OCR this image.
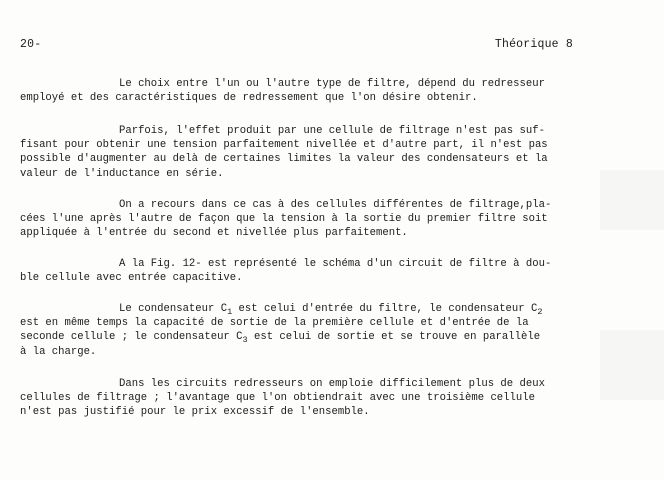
20-	Théorique 8
Le choix entre l'un ou l'autre type de filtre, dépend du redresseur
employé et des caractéristiques de redressement que l'on désire obtenir.
Parfois, l'effet produit par une cellule de filtrage n'est pas suf-
fisant pour obtenir une tension parfaitement nivellée et d'autre part, il n'est pas
possible d'augmenter au delà de certaines limites la valeur des condensateurs et la
valeur de l'inductance en série.
On a recours dans ce cas à des cellules différentes de filtrage,pla-
cées l'une après l'autre de façon que la tension à la sortie du premier filtre soit
appliquée à l'entrée du second et nivellée plus parfaitement.
A la Fig. 12- est représenté le schéma d'un circuit de filtre à dou-
ble cellule avec entrée capacitive.
Le condensateur $C_1$ est celui d'entrée du filtre, le condensateur $C_2$
est en même temps la capacité de sortie de la première cellule et d'entrée de la
seconde cellule ; le condensateur $C_3$ est celui de sortie et se trouve en parallèle
à la charge.
Dans les circuits redresseurs on emploie difficilement plus de deux
cellules de filtrage ; l'avantage que l'on obtiendrait avec une troisième cellule
n'est pas justifié pour le prix excessif de l'ensemble.
